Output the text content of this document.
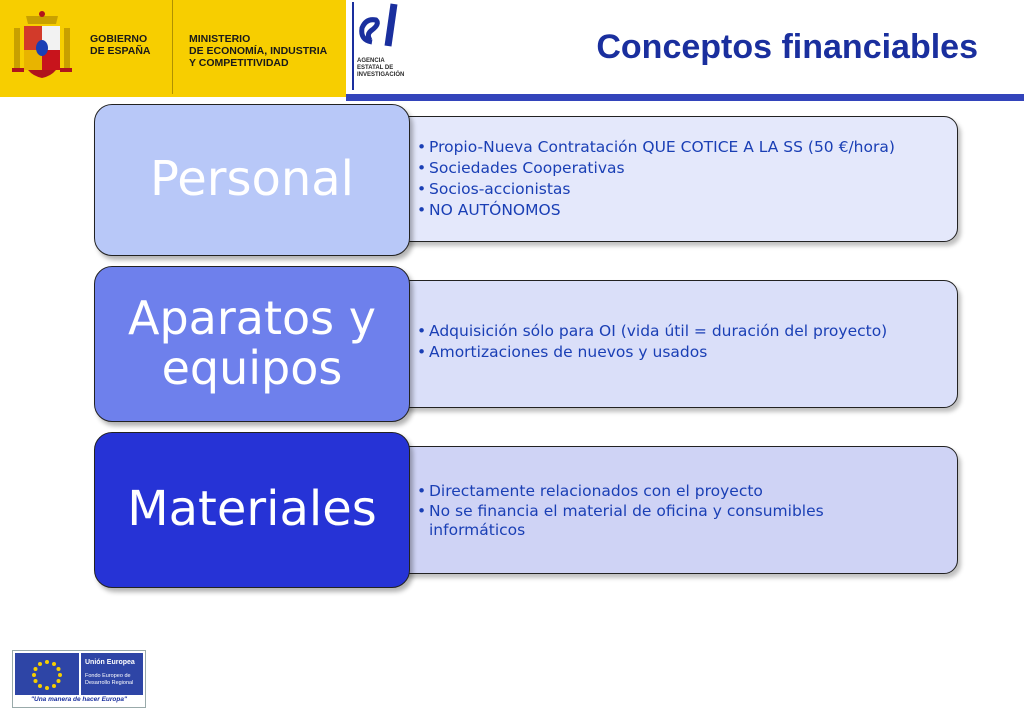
GOBIERNO
DE ESPAÑA
MINISTERIO
DE ECONOMÍA, INDUSTRIA
Y COMPETITIVIDAD	AGENCIA
ESTATAL DE
INVESTIGACIÓN
Conceptos financiables
• Propio-Nueva Contratación QUE COTICE A LA SS (50 €/hora)
• Sociedades Cooperativas
• Socios-accionistas
• NO AUTÓNOMOS
Personal
• Adquisición sólo para OI (vida útil = duración del proyecto)
• Amortizaciones de nuevos y usados
Aparatos y
equipos
• Directamente relacionados con el proyecto
• No se financia el material de oficina y consumibles informáticos
Materiales
Unión Europea
Fondo Europeo de
Desarrollo Regional
"Una manera de hacer Europa"
